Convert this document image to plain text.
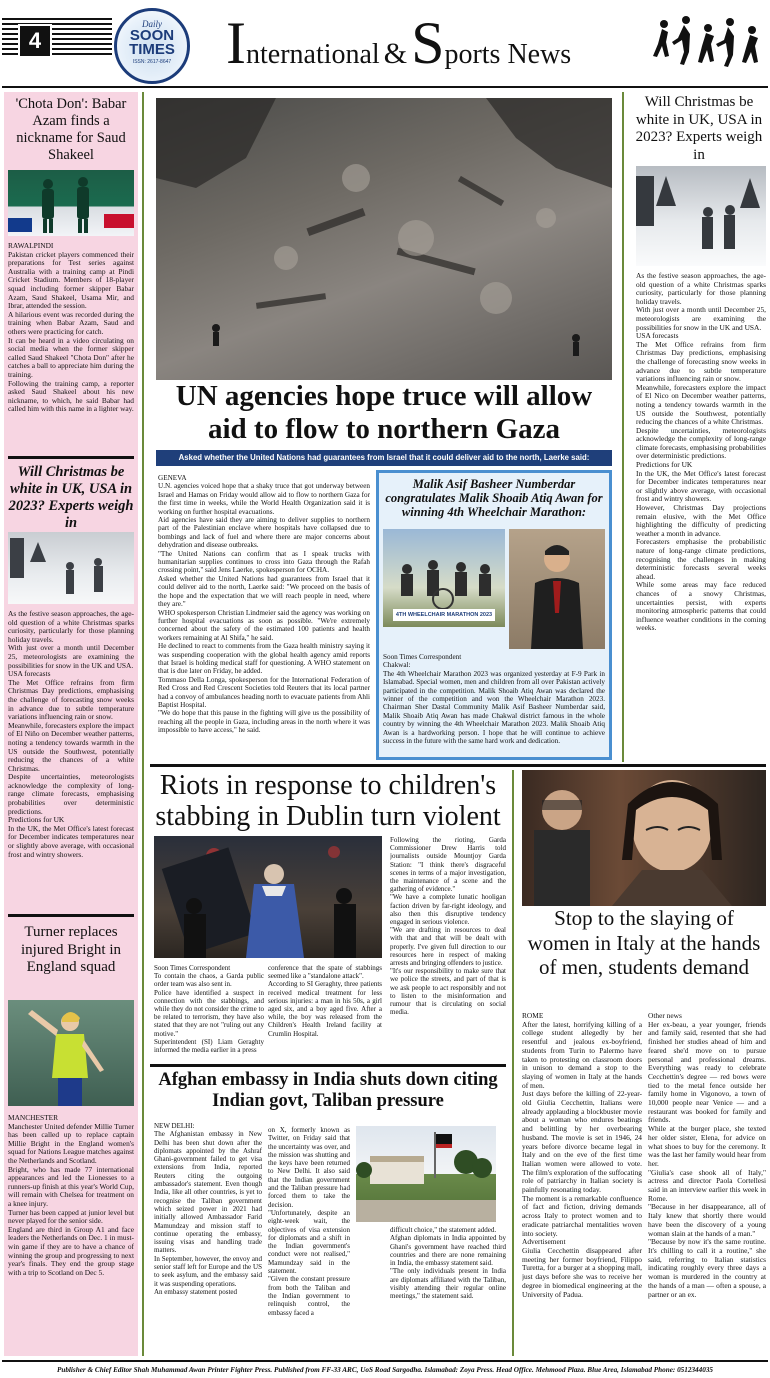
4
Daily
SOON
TIMES
ISSN: 2617-8647 International &Sports News
'Chota Don': Babar Azam finds a nickname for Saud Shakeel

RAWALPINDI

Pakistan cricket players commenced their preparations for Test series against Australia with a training camp at Pindi Cricket Stadium. Members of 18-player squad including former skipper Babar Azam, Saud Shakeel, Usama Mir, and Ibrar, attended the session.

A hilarious event was recorded during the training when Babar Azam, Saud and others were practicing for catch.

It can be heard in a video circulating on social media when the former skipper called Saud Shakeel "Chota Don" after he catches a ball to appreciate him during the training.

Following the training camp, a reporter asked Saud Shakeel about his new nickname, to which, he said Babar had called him with this name in a lighter way.

Will Christmas be white in UK, USA in 2023? Experts weigh in

As the festive season approaches, the age-old question of a white Christmas sparks curiosity, particularly for those planning holiday travels.

With just over a month until December 25, meteorologists are examining the possibilities for snow in the UK and USA.

USA forecasts

The Met Office refrains from firm Christmas Day predictions, emphasising the challenge of forecasting snow weeks in advance due to subtle temperature variations influencing rain or snow.

Meanwhile, forecasters explore the impact of El Niño on December weather patterns, noting a tendency towards warmth in the US outside the Southwest, potentially reducing the chances of a white Christmas.

Despite uncertainties, meteorologists acknowledge the complexity of long-range climate forecasts, emphasising probabilities over deterministic predictions.

Predictions for UK

In the UK, the Met Office's latest forecast for December indicates temperatures near or slightly above average, with occasional frost and wintry showers.

Turner replaces injured Bright in England squad

MANCHESTER

Manchester United defender Millie Turner has been called up to replace captain Millie Bright in the England women's squad for Nations League matches against the Netherlands and Scotland.

Bright, who has made 77 international appearances and led the Lionesses to a runners-up finish at this year's World Cup, will remain with Chelsea for treatment on a knee injury.

Turner has been capped at junior level but never played for the senior side.

England are third in Group A1 and face leaders the Netherlands on Dec. 1 in must-win game if they are to have a chance of winning the group and progressing to next year's finals. They end the group stage with a trip to Scotland on Dec 5.

UN agencies hope truce will allow aid to flow to northern Gaza
Asked whether the United Nations had guarantees from Israel that it could deliver aid to the north, Laerke said:

GENEVA

U.N. agencies voiced hope that a shaky truce that got underway between Israel and Hamas on Friday would allow aid to flow to northern Gaza for the first time in weeks, while the World Health Organization said it is working on further hospital evacuations.

Aid agencies have said they are aiming to deliver supplies to northern part of the Palestinian enclave where hospitals have collapsed due to bombings and lack of fuel and where there are major concerns about dehydration and disease outbreaks.

"The United Nations can confirm that as I speak trucks with humanitarian supplies continues to cross into Gaza through the Rafah crossing point," said Jens Laerke, spokesperson for OCHA.

Asked whether the United Nations had guarantees from Israel that it could deliver aid to the north, Laerke said: "We proceed on the basis of the hope and the expectation that we will reach people in need, where they are."

WHO spokesperson Christian Lindmeier said the agency was working on further hospital evacuations as soon as possible. "We're extremely concerned about the safety of the estimated 100 patients and health workers remaining at Al Shifa," he said.

He declined to react to comments from the Gaza health ministry saying it was suspending cooperation with the global health agency amid reports that Israel is holding medical staff for questioning. A WHO statement on that is due later on Friday, he added.

Tommaso Della Longa, spokesperson for the International Federation of Red Cross and Red Crescent Societies told Reuters that its local partner had a convoy of ambulances heading north to evacuate patients from Ahli Baptist Hospital.

"We do hope that this pause in the fighting will give us the possibility of reaching all the people in Gaza, including areas in the north where it was impossible to have access," he said.

Malik Asif Basheer Numberdar congratulates Malik Shoaib Atiq Awan for winning 4th Wheelchair Marathon:
4TH WHEELCHAIR MARATHON 2023

Soon Times Correspondent

Chakwal:

The 4th Wheelchair Marathon 2023 was organized yesterday at F-9 Park in Islamabad. Special women, men and children from all over Pakistan actively participated in the competition. Malik Shoaib Atiq Awan was declared the winner of the competition and won the Wheelchair Marathon 2023. Chairman Sher Dastal Community Malik Asif Basheer Numberdar said, Malik Shoaib Atiq Awan has made Chakwal district famous in the whole country by winning the 4th Wheelchair Marathon 2023. Malik Shoaib Atiq Awan is a hardworking person. I hope that he will continue to achieve success in the future with the same hard work and dedication.

Will Christmas be white in UK, USA in 2023? Experts weigh in

As the festive season approaches, the age-old question of a white Christmas sparks curiosity, particularly for those planning holiday travels.

With just over a month until December 25, meteorologists are examining the possibilities for snow in the UK and USA.

USA forecasts

The Met Office refrains from firm Christmas Day predictions, emphasising the challenge of forecasting snow weeks in advance due to subtle temperature variations influencing rain or snow.

Meanwhile, forecasters explore the impact of El Nico on December weather patterns, noting a tendency towards warmth in the US outside the Southwest, potentially reducing the chances of a white Christmas.

Despite uncertainties, meteorologists acknowledge the complexity of long-range climate forecasts, emphasising probabilities over deterministic predictions.

Predictions for UK

In the UK, the Met Office's latest forecast for December indicates temperatures near or slightly above average, with occasional frost and wintry showers.

However, Christmas Day projections remain elusive, with the Met Office highlighting the difficulty of predicting weather a month in advance.

Forecasters emphasise the probabilistic nature of long-range climate predictions, recognising the challenges in making deterministic forecasts several weeks ahead.

While some areas may face reduced chances of a snowy Christmas, uncertainties persist, with experts monitoring atmospheric patterns that could influence weather conditions in the coming weeks.

Riots in response to children's stabbing in Dublin turn violent

Soon Times Correspondent

To contain the chaos, a Garda public order team was also sent in.

Police have identified a suspect in connection with the stabbings, and while they do not consider the crime to be related to terrorism, they have also stated that they are not "ruling out any motive."

Superintendent (SI) Liam Geraghty informed the media earlier in a press

conference that the spate of stabbings seemed like a "standalone attack".

According to SI Geraghty, three patients received medical treatment for less serious injuries: a man in his 50s, a girl aged six, and a boy aged five. After a while, the boy was released from the Children's Health Ireland facility at Crumlin Hospital.

Following the rioting, Garda Commissioner Drew Harris told journalists outside Mountjoy Garda Station: "I think there's disgraceful scenes in terms of a major investigation, the maintenance of a scene and the gathering of evidence."

"We have a complete lunatic hooligan faction driven by far-right ideology, and also then this disruptive tendency engaged in serious violence.

"We are drafting in resources to deal with that and that will be dealt with properly. I've given full direction to our resources here in respect of making arrests and bringing offenders to justice.

"It's our responsibility to make sure that we police the streets, and part of that is we ask people to act responsibly and not to listen to the misinformation and rumour that is circulating on social media.

Afghan embassy in India shuts down citing Indian govt, Taliban pressure

NEW DELHI:

The Afghanistan embassy in New Delhi has been shut down after the diplomats appointed by the Ashraf Ghani-government failed to get visa extensions from India, reported Reuters citing the outgoing ambassador's statement. Even though India, like all other countries, is yet to recognise the Taliban government which seized power in 2021 had initially allowed Ambassador Farid Mamundzay and mission staff to continue operating the embassy, issuing visas and handling trade matters.

In September, however, the envoy and senior staff left for Europe and the US to seek asylum, and the embassy said it was suspending operations.

An embassy statement posted

on X, formerly known as Twitter, on Friday said that the uncertainty was over, and the mission was shutting and the keys have been returned to New Delhi. It also said that the Indian government and the Taliban pressure had forced them to take the decision.

"Unfortunately, despite an eight-week wait, the objectives of visa extension for diplomats and a shift in the Indian government's conduct were not realised," Mamundzay said in the statement.

"Given the constant pressure from both the Taliban and the Indian government to relinquish control, the embassy faced a

difficult choice," the statement added.

Afghan diplomats in India appointed by Ghani's government have reached third countries and there are none remaining in India, the embassy statement said.

"The only individuals present in India are diplomats affiliated with the Taliban, visibly attending their regular online meetings," the statement said.

Stop to the slaying of women in Italy at the hands of men, students demand

ROME

After the latest, horrifying killing of a college student allegedly by her resentful and jealous ex-boyfriend, students from Turin to Palermo have taken to protesting on classroom doors in unison to demand a stop to the slaying of women in Italy at the hands of men.

Just days before the killing of 22-year-old Giulia Cecchettin, Italians were already applauding a blockbuster movie about a woman who endures beatings and belittling by her overbearing husband. The movie is set in 1946, 24 years before divorce became legal in Italy and on the eve of the first time Italian women were allowed to vote. The film's exploration of the suffocating role of patriarchy in Italian society is painfully resonating today.

The moment is a remarkable confluence of fact and fiction, driving demands across Italy to protect women and to eradicate patriarchal mentalities woven into society.

Advertisement

Giulia Cecchettin disappeared after meeting her former boyfriend, Filippo Turetta, for a burger at a shopping mall, just days before she was to receive her degree in biomedical engineering at the University of Padua.

Other news

Her ex-beau, a year younger, friends and family said, resented that she had finished her studies ahead of him and feared she'd move on to pursue personal and professional dreams. Everything was ready to celebrate Cecchettin's degree — red bows were tied to the metal fence outside her family home in Vigonovo, a town of 10,000 people near Venice — and a restaurant was booked for family and friends.

While at the burger place, she texted her older sister, Elena, for advice on what shoes to buy for the ceremony. It was the last her family would hear from her.

"Giulia's case shook all of Italy," actress and director Paola Cortellesi said in an interview earlier this week in Rome.

"Because in her disappearance, all of Italy knew that shortly there would have been the discovery of a young woman slain at the hands of a man."

"Because by now it's the same routine. It's chilling to call it a routine," she said, referring to Italian statistics indicating roughly every three days a woman is murdered in the country at the hands of a man — often a spouse, a partner or an ex.

Publisher & Chief Editor Shah Muhammad Awan Printer Fighter Press. Published from FF-33 ARC, UoS Road Sargodha. Islamabad: Zoya Press. Head Office. Mehmood Plaza. Blue Area, Islamabad Phone: 0512344035
